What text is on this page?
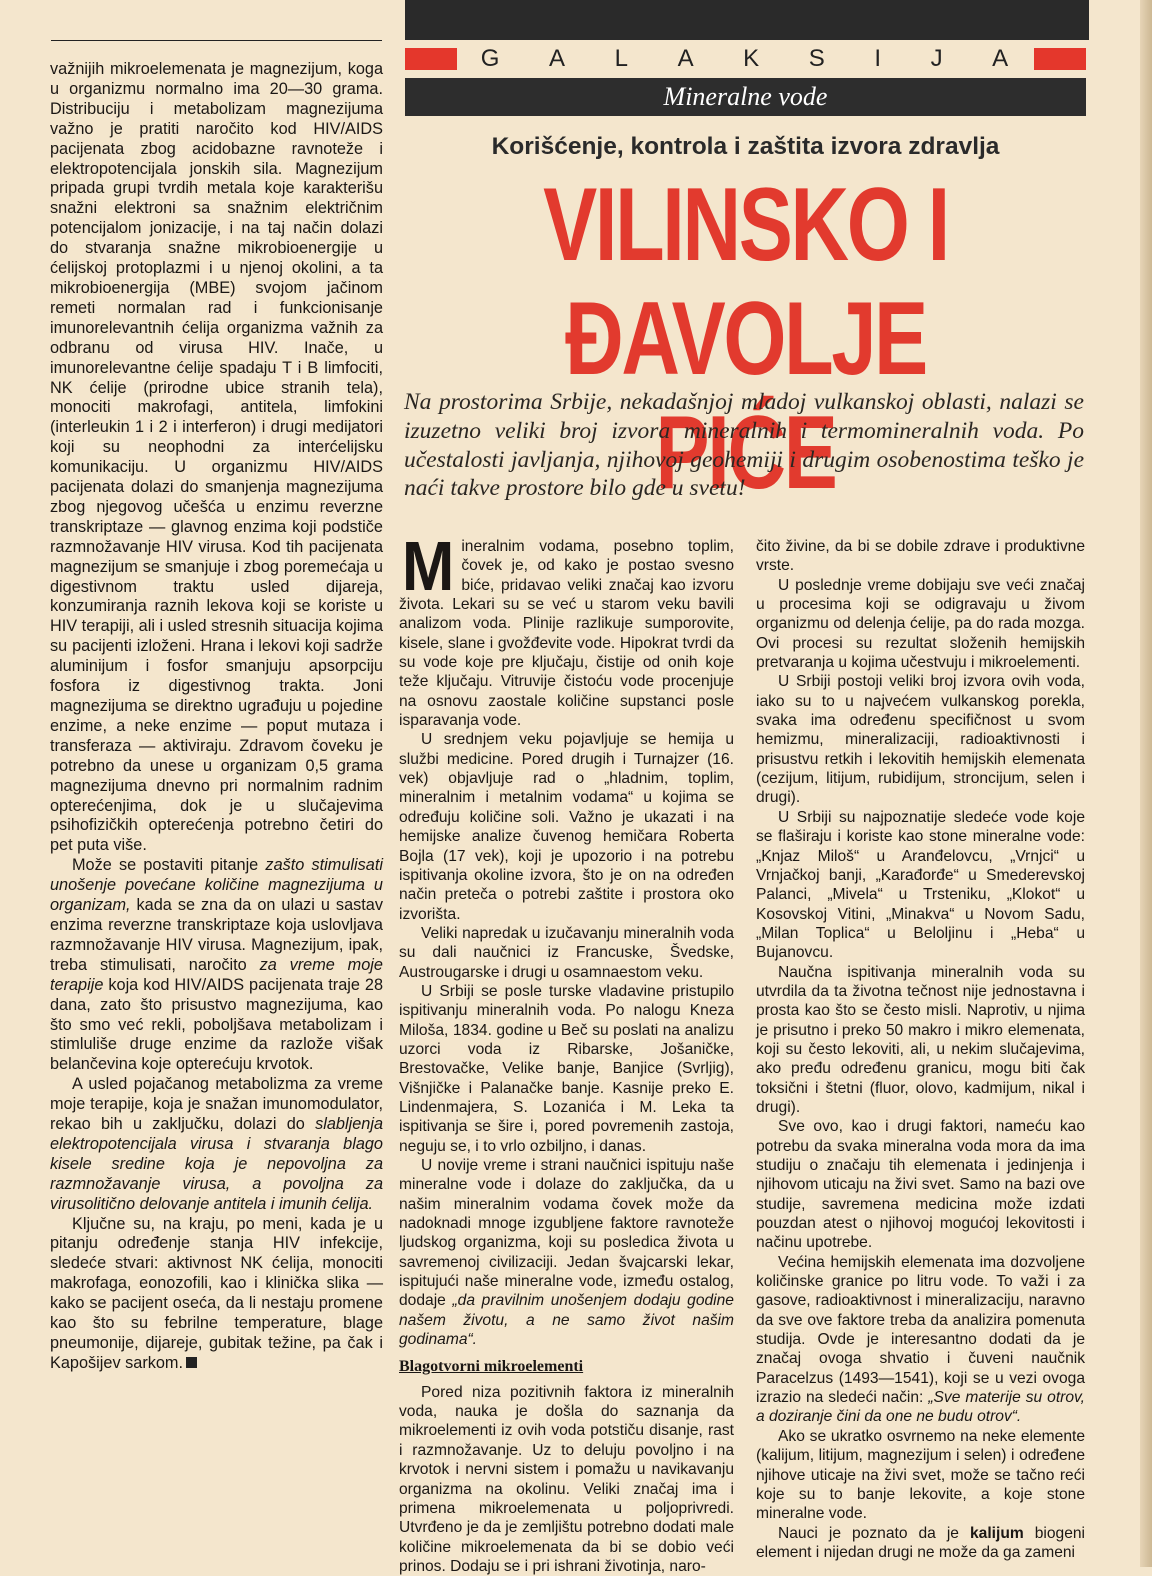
važnijih mikroelemenata je magnezijum, koga u organizmu normalno ima 20—30 grama. Distribuciju i metabolizam magnezijuma važno je pratiti naročito kod HIV/AIDS pacijenata zbog acidobazne ravnoteže i elektropotencijala jonskih sila. Magnezijum pripada grupi tvrdih metala koje karakterišu snažni elektroni sa snažnim električnim potencijalom jonizacije, i na taj način dolazi do stvaranja snažne mikrobioenergije u ćelijskoj protoplazmi i u njenoj okolini, a ta mikrobioenergija (MBE) svojom jačinom remeti normalan rad i funkcionisanje imunorelevantnih ćelija organizma važnih za odbranu od virusa HIV. Inače, u imunorelevantne ćelije spadaju T i B limfociti, NK ćelije (prirodne ubice stranih tela), monociti makrofagi, antitela, limfokini (interleukin 1 i 2 i interferon) i drugi medijatori koji su neophodni za interćelijsku komunikaciju. U organizmu HIV/AIDS pacijenata dolazi do smanjenja magnezijuma zbog njegovog učešća u enzimu reverzne transkriptaze — glavnog enzima koji podstiče razmnožavanje HIV virusa. Kod tih pacijenata magnezijum se smanjuje i zbog poremećaja u digestivnom traktu usled dijareja, konzumiranja raznih lekova koji se koriste u HIV terapiji, ali i usled stresnih situacija kojima su pacijenti izloženi. Hrana i lekovi koji sadrže aluminijum i fosfor smanjuju apsorpciju fosfora iz digestivnog trakta. Joni magnezijuma se direktno ugrađuju u pojedine enzime, a neke enzime — poput mutaza i transferaza — aktiviraju. Zdravom čoveku je potrebno da unese u organizam 0,5 grama magnezijuma dnevno pri normalnim radnim opterećenjima, dok je u slučajevima psihofizičkih opterećenja potrebno četiri do pet puta više.

Može se postaviti pitanje zašto stimulisati unošenje povećane količine magnezijuma u organizam, kada se zna da on ulazi u sastav enzima reverzne transkriptaze koja uslovljava razmnožavanje HIV virusa. Magnezijum, ipak, treba stimulisati, naročito za vreme moje terapije koja kod HIV/AIDS pacijenata traje 28 dana, zato što prisustvo magnezijuma, kao što smo već rekli, poboljšava metabolizam i stimluliše druge enzime da razlože višak belančevina koje opterećuju krvotok.

A usled pojačanog metabolizma za vreme moje terapije, koja je snažan imunomodulator, rekao bih u zaključku, dolazi do slabljenja elektropotencijala virusa i stvaranja blago kisele sredine koja je nepovoljna za razmnožavanje virusa, a povoljna za virusolitično delovanje antitela i imunih ćelija.

Ključne su, na kraju, po meni, kada je u pitanju određenje stanja HIV infekcije, sledeće stvari: aktivnost NK ćelija, monociti makrofaga, eonozofili, kao i klinička slika — kako se pacijent oseća, da li nestaju promene kao što su febrilne temperature, blage pneumonije, dijareje, gubitak težine, pa čak i Kapošijev sarkom.

G A L A K S I J A
Mineralne vode
Korišćenje, kontrola i zaštita izvora zdravlja
VILINSKO I
ĐAVOLJE PIĆE
Na prostorima Srbije, nekadašnjoj mladoj vulkanskoj oblasti, nalazi se izuzetno veliki broj izvora mineralnih i termomineralnih voda. Po učestalosti javljanja, njihovoj geohemiji i drugim osobenostima teško je naći takve prostore bilo gde u svetu!

Mineralnim vodama, posebno toplim, čovek je, od kako je postao svesno biće, pridavao veliki značaj kao izvoru života. Lekari su se već u starom veku bavili analizom voda. Plinije razlikuje sumporovite, kisele, slane i gvožđevite vode. Hipokrat tvrdi da su vode koje pre ključaju, čistije od onih koje teže ključaju. Vitruvije čistoću vode procenjuje na osnovu zaostale količine supstanci posle isparavanja vode.

U srednjem veku pojavljuje se hemija u službi medicine. Pored drugih i Turnajzer (16. vek) objavljuje rad o „hladnim, toplim, mineralnim i metalnim vodama“ u kojima se određuju količine soli. Važno je ukazati i na hemijske analize čuvenog hemičara Roberta Bojla (17 vek), koji je upozorio i na potrebu ispitivanja okoline izvora, što je on na određen način preteča o potrebi zaštite i prostora oko izvorišta.

Veliki napredak u izučavanju mineralnih voda su dali naučnici iz Francuske, Švedske, Austrougarske i drugi u osamnaestom veku.

U Srbiji se posle turske vladavine pristupilo ispitivanju mineralnih voda. Po nalogu Kneza Miloša, 1834. godine u Beč su poslati na analizu uzorci voda iz Ribarske, Jošaničke, Brestovačke, Velike banje, Banjice (Svrljig), Višnjičke i Palanačke banje. Kasnije preko E. Lindenmajera, S. Lozanića i M. Leka ta ispitivanja se šire i, pored povremenih zastoja, neguju se, i to vrlo ozbiljno, i danas.

U novije vreme i strani naučnici ispituju naše mineralne vode i dolaze do zaključka, da u našim mineralnim vodama čovek može da nadoknadi mnoge izgubljene faktore ravnoteže ljudskog organizma, koji su posledica života u savremenoj civilizaciji. Jedan švajcarski lekar, ispitujući naše mineralne vode, između ostalog, dodaje „da pravilnim unošenjem dodaju godine našem životu, a ne samo život našim godinama“.

Blagotvorni mikroelementi

Pored niza pozitivnih faktora iz mineralnih voda, nauka je došla do saznanja da mikroelementi iz ovih voda potstiču disanje, rast i razmnožavanje. Uz to deluju povoljno i na krvotok i nervni sistem i pomažu u navikavanju organizma na okolinu. Veliki značaj ima i primena mikroelemenata u poljoprivredi. Utvrđeno je da je zemljištu potrebno dodati male količine mikroelemenata da bi se dobio veći prinos. Dodaju se i pri ishrani životinja, naro-

čito živine, da bi se dobile zdrave i produktivne vrste.

U poslednje vreme dobijaju sve veći značaj u procesima koji se odigravaju u živom organizmu od delenja ćelije, pa do rada mozga. Ovi procesi su rezultat složenih hemijskih pretvaranja u kojima učestvuju i mikroelementi.

U Srbiji postoji veliki broj izvora ovih voda, iako su to u najvećem vulkanskog porekla, svaka ima određenu specifičnost u svom hemizmu, mineralizaciji, radioaktivnosti i prisustvu retkih i lekovitih hemijskih elemenata (cezijum, litijum, rubidijum, stroncijum, selen i drugi).

U Srbiji su najpoznatije sledeće vode koje se flaširaju i koriste kao stone mineralne vode: „Knjaz Miloš“ u Aranđelovcu, „Vrnjci“ u Vrnjačkoj banji, „Karađorđe“ u Smederevskoj Palanci, „Mivela“ u Trsteniku, „Klokot“ u Kosovskoj Vitini, „Minakva“ u Novom Sadu, „Milan Toplica“ u Beloljinu i „Heba“ u Bujanovcu.

Naučna ispitivanja mineralnih voda su utvrdila da ta životna tečnost nije jednostavna i prosta kao što se često misli. Naprotiv, u njima je prisutno i preko 50 makro i mikro elemenata, koji su često lekoviti, ali, u nekim slučajevima, ako pređu određenu granicu, mogu biti čak toksični i štetni (fluor, olovo, kadmijum, nikal i drugi).

Sve ovo, kao i drugi faktori, nameću kao potrebu da svaka mineralna voda mora da ima studiju o značaju tih elemenata i jedinjenja i njihovom uticaju na živi svet. Samo na bazi ove studije, savremena medicina može izdati pouzdan atest o njihovoj mogućoj lekovitosti i načinu upotrebe.

Većina hemijskih elemenata ima dozvoljene količinske granice po litru vode. To važi i za gasove, radioaktivnost i mineralizaciju, naravno da sve ove faktore treba da analizira pomenuta studija. Ovde je interesantno dodati da je značaj ovoga shvatio i čuveni naučnik Paracelzus (1493—1541), koji se u vezi ovoga izrazio na sledeći način: „Sve materije su otrov, a doziranje čini da one ne budu otrov“.

Ako se ukratko osvrnemo na neke elemente (kalijum, litijum, magnezijum i selen) i određene njihove uticaje na živi svet, može se tačno reći koje su to banje lekovite, a koje stone mineralne vode.

Nauci je poznato da je kalijum biogeni element i nijedan drugi ne može da ga zameni
